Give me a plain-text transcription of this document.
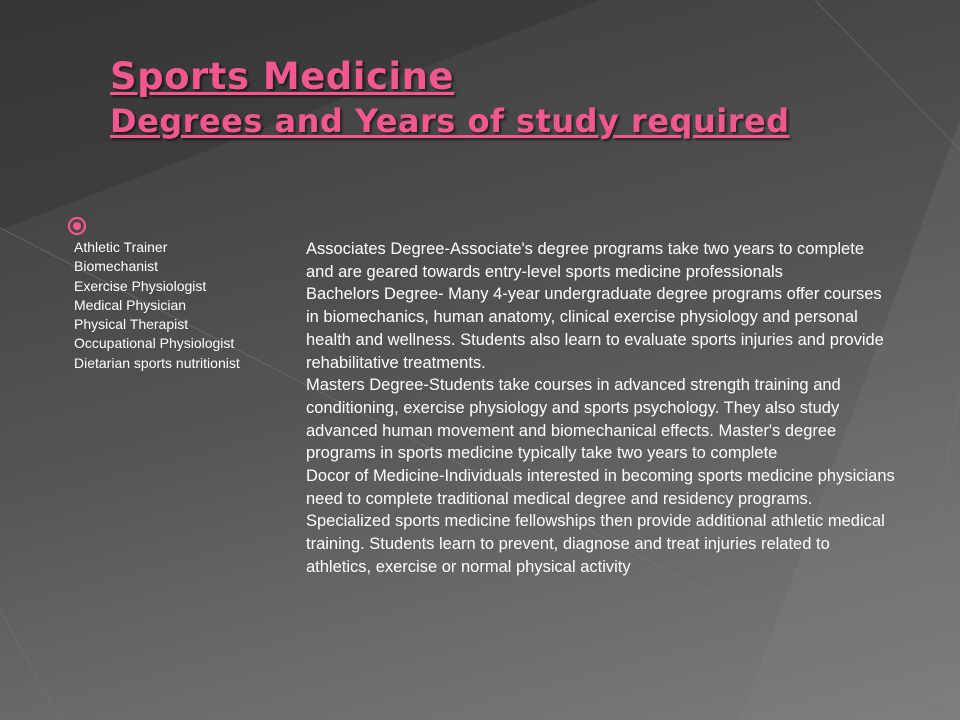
Sports Medicine
Degrees and Years of study required
Athletic Trainer
Biomechanist
Exercise Physiologist
Medical Physician
Physical Therapist
Occupational Physiologist
Dietarian sports nutritionist

Associates Degree-Associate's degree programs take two years to complete and are geared towards entry-level sports medicine professionals

Bachelors Degree- Many 4-year undergraduate degree programs offer courses in biomechanics, human anatomy, clinical exercise physiology and personal health and wellness. Students also learn to evaluate sports injuries and provide rehabilitative treatments.

Masters Degree-Students take courses in advanced strength training and conditioning, exercise physiology and sports psychology. They also study advanced human movement and biomechanical effects. Master's degree programs in sports medicine typically take two years to complete

Docor of Medicine-Individuals interested in becoming sports medicine physicians need to complete traditional medical degree and residency programs. Specialized sports medicine fellowships then provide additional athletic medical training. Students learn to prevent, diagnose and treat injuries related to athletics, exercise or normal physical activity
